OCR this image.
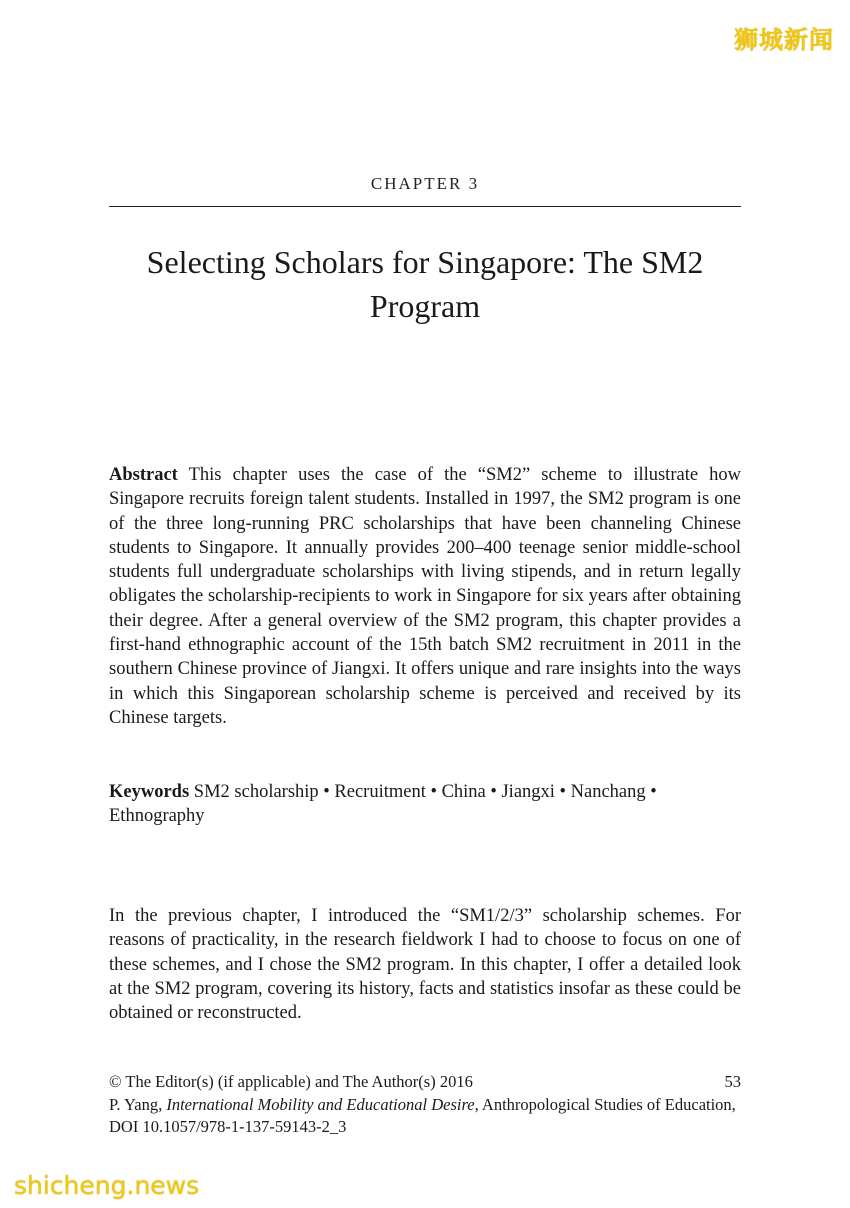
狮城新闻
CHAPTER 3
Selecting Scholars for Singapore: The SM2
Program
Abstract This chapter uses the case of the “SM2” scheme to illustrate how Singapore recruits foreign talent students. Installed in 1997, the SM2 program is one of the three long-running PRC scholarships that have been channeling Chinese students to Singapore. It annually provides 200–400 teenage senior middle-school students full undergraduate scholarships with living stipends, and in return legally obligates the scholarship-recipients to work in Singapore for six years after obtaining their degree. After a general overview of the SM2 program, this chapter provides a first-hand ethnographic account of the 15th batch SM2 recruitment in 2011 in the southern Chinese province of Jiangxi. It offers unique and rare insights into the ways in which this Singaporean scholarship scheme is perceived and received by its Chinese targets.
Keywords SM2 scholarship • Recruitment • China • Jiangxi • Nanchang • Ethnography
In the previous chapter, I introduced the “SM1/2/3” scholarship schemes. For reasons of practicality, in the research fieldwork I had to choose to focus on one of these schemes, and I chose the SM2 program. In this chapter, I offer a detailed look at the SM2 program, covering its history, facts and statistics insofar as these could be obtained or reconstructed.
© The Editor(s) (if applicable) and The Author(s) 2016
P. Yang, International Mobility and Educational Desire, Anthropological Studies of Education, DOI 10.1057/978-1-137-59143-2_3
53
shicheng.news
